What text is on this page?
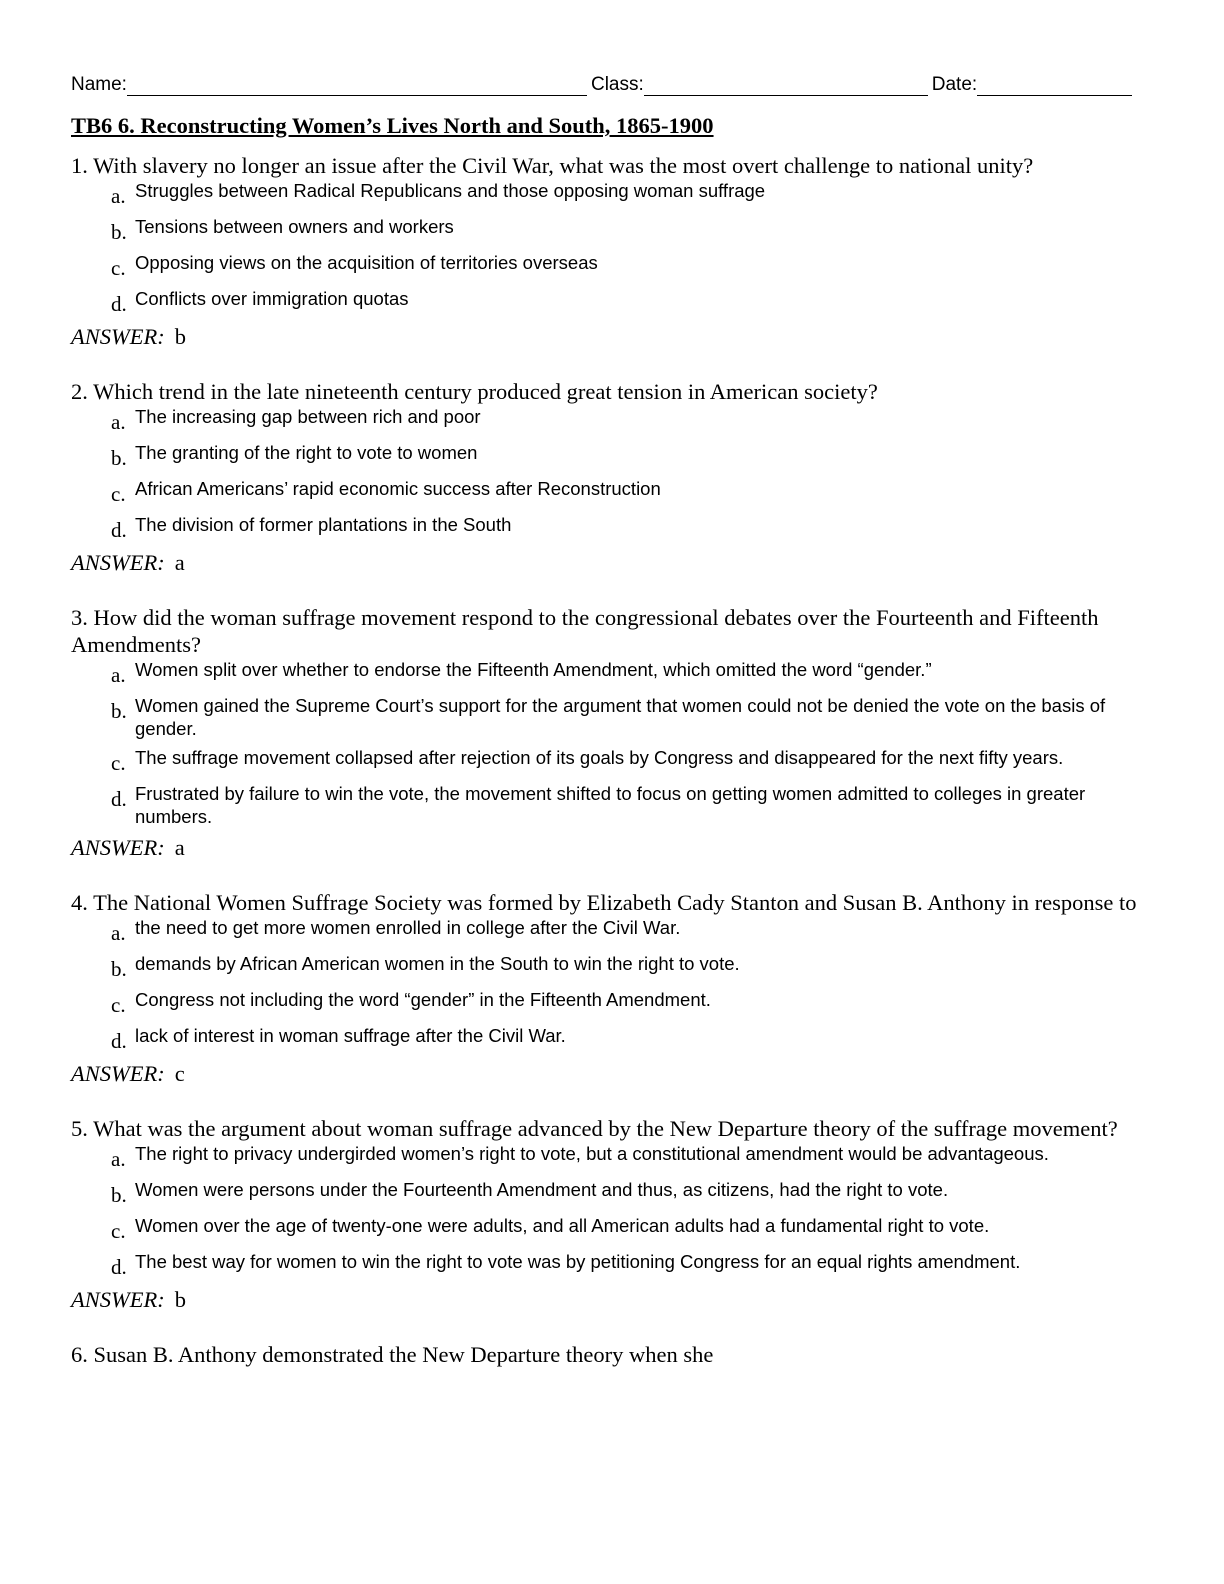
Name:	Class:	Date:
TB6 6. Reconstructing Women’s Lives North and South, 1865-1900
1. With slavery no longer an issue after the Civil War, what was the most overt challenge to national unity?
a. Struggles between Radical Republicans and those opposing woman suffrage
b. Tensions between owners and workers
c. Opposing views on the acquisition of territories overseas
d. Conflicts over immigration quotas
ANSWER: b
2. Which trend in the late nineteenth century produced great tension in American society?
a. The increasing gap between rich and poor
b. The granting of the right to vote to women
c. African Americans’ rapid economic success after Reconstruction
d. The division of former plantations in the South
ANSWER: a
3. How did the woman suffrage movement respond to the congressional debates over the Fourteenth and Fifteenth Amendments?
a. Women split over whether to endorse the Fifteenth Amendment, which omitted the word “gender.”
b. Women gained the Supreme Court’s support for the argument that women could not be denied the vote on the basis of gender.
c. The suffrage movement collapsed after rejection of its goals by Congress and disappeared for the next fifty years.
d. Frustrated by failure to win the vote, the movement shifted to focus on getting women admitted to colleges in greater numbers.
ANSWER: a
4. The National Women Suffrage Society was formed by Elizabeth Cady Stanton and Susan B. Anthony in response to
a. the need to get more women enrolled in college after the Civil War.
b. demands by African American women in the South to win the right to vote.
c. Congress not including the word “gender” in the Fifteenth Amendment.
d. lack of interest in woman suffrage after the Civil War.
ANSWER: c
5. What was the argument about woman suffrage advanced by the New Departure theory of the suffrage movement?
a. The right to privacy undergirded women’s right to vote, but a constitutional amendment would be advantageous.
b. Women were persons under the Fourteenth Amendment and thus, as citizens, had the right to vote.
c. Women over the age of twenty-one were adults, and all American adults had a fundamental right to vote.
d. The best way for women to win the right to vote was by petitioning Congress for an equal rights amendment.
ANSWER: b
6. Susan B. Anthony demonstrated the New Departure theory when she
